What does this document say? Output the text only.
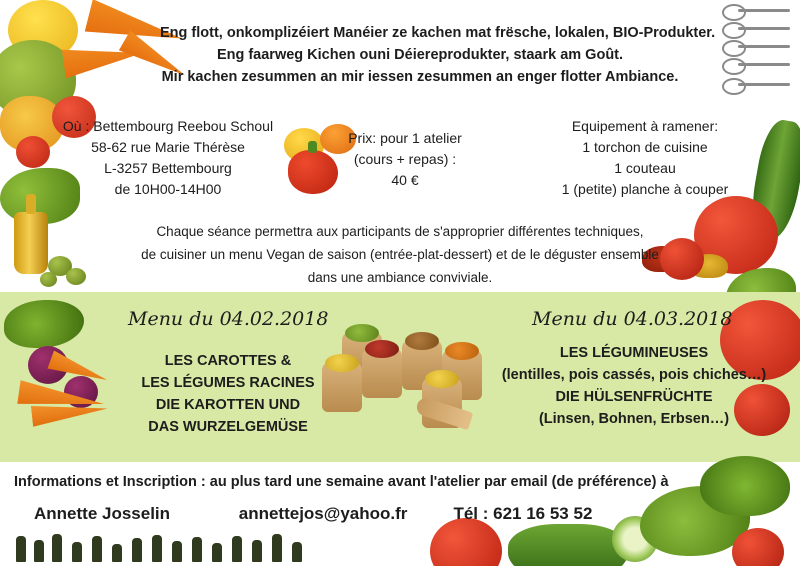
Eng flott, onkomplizéiert Manéier ze kachen mat frësche, lokalen, BIO-Produkter.
Eng faarweg Kichen ouni Déiereprodukter, staark am Goût.
Mir kachen zesummen an mir iessen zesummen an enger flotter Ambiance.
Où : Bettembourg Reebou Schoul
58-62 rue Marie Thérèse
L-3257 Bettembourg
de 10H00-14H00
Prix: pour 1 atelier
(cours + repas) :
40 €
Equipement à ramener:
1 torchon de cuisine
1 couteau
1 (petite) planche à couper
Chaque séance permettra aux participants de s'approprier différentes techniques,
de cuisiner un menu Vegan de saison (entrée-plat-dessert) et de le déguster ensemble
dans une ambiance conviviale.
Menu du 04.02.2018
LES CAROTTES &
LES LÉGUMES RACINES
DIE KAROTTEN UND
DAS WURZELGEMÜSE
Menu du 04.03.2018
LES LÉGUMINEUSES
(lentilles, pois cassés, pois chiches…)
DIE HÜLSENFRÜCHTE
(Linsen, Bohnen, Erbsen…)
Informations et Inscription : au plus tard une semaine avant l'atelier par email (de préférence) à
Annette Josselin	annettejos@yahoo.fr	Tél : 621 16 53 52
